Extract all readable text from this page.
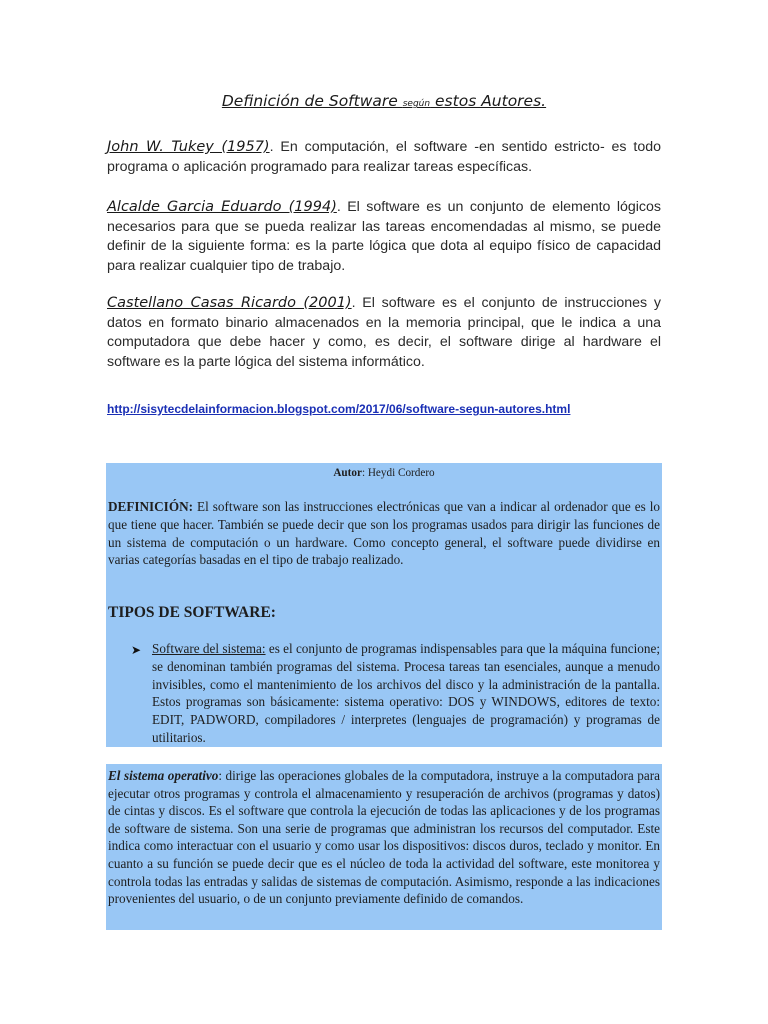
Definición de Software según estos Autores.
John W. Tukey (1957). En computación, el software -en sentido estricto- es todo programa o aplicación programado para realizar tareas específicas.
Alcalde Garcia Eduardo (1994). El software es un conjunto de elemento lógicos necesarios para que se pueda realizar las tareas encomendadas al mismo, se puede definir de la siguiente forma: es la parte lógica que dota al equipo físico de capacidad para realizar cualquier tipo de trabajo.
Castellano Casas Ricardo (2001). El software es el conjunto de instrucciones y datos en formato binario almacenados en la memoria principal, que le indica a una computadora que debe hacer y como, es decir, el software dirige al hardware el software es la parte lógica del sistema informático.
http://sisytecdelainformacion.blogspot.com/2017/06/software-segun-autores.html
Autor: Heydi Cordero
DEFINICIÓN: El software son las instrucciones electrónicas que van a indicar al ordenador que es lo que tiene que hacer. También se puede decir que son los programas usados para dirigir las funciones de un sistema de computación o un hardware. Como concepto general, el software puede dividirse en varias categorías basadas en el tipo de trabajo realizado.
TIPOS DE SOFTWARE:
➤ Software del sistema: es el conjunto de programas indispensables para que la máquina funcione; se denominan también programas del sistema. Procesa tareas tan esenciales, aunque a menudo invisibles, como el mantenimiento de los archivos del disco y la administración de la pantalla. Estos programas son básicamente: sistema operativo: DOS y WINDOWS, editores de texto: EDIT, PADWORD, compiladores / interpretes (lenguajes de programación) y programas de utilitarios.
El sistema operativo: dirige las operaciones globales de la computadora, instruye a la computadora para ejecutar otros programas y controla el almacenamiento y resuperación de archivos (programas y datos) de cintas y discos. Es el software que controla la ejecución de todas las aplicaciones y de los programas de software de sistema. Son una serie de programas que administran los recursos del computador. Este indica como interactuar con el usuario y como usar los dispositivos: discos duros, teclado y monitor. En cuanto a su función se puede decir que es el núcleo de toda la actividad del software, este monitorea y controla todas las entradas y salidas de sistemas de computación. Asimismo, responde a las indicaciones provenientes del usuario, o de un conjunto previamente definido de comandos.
